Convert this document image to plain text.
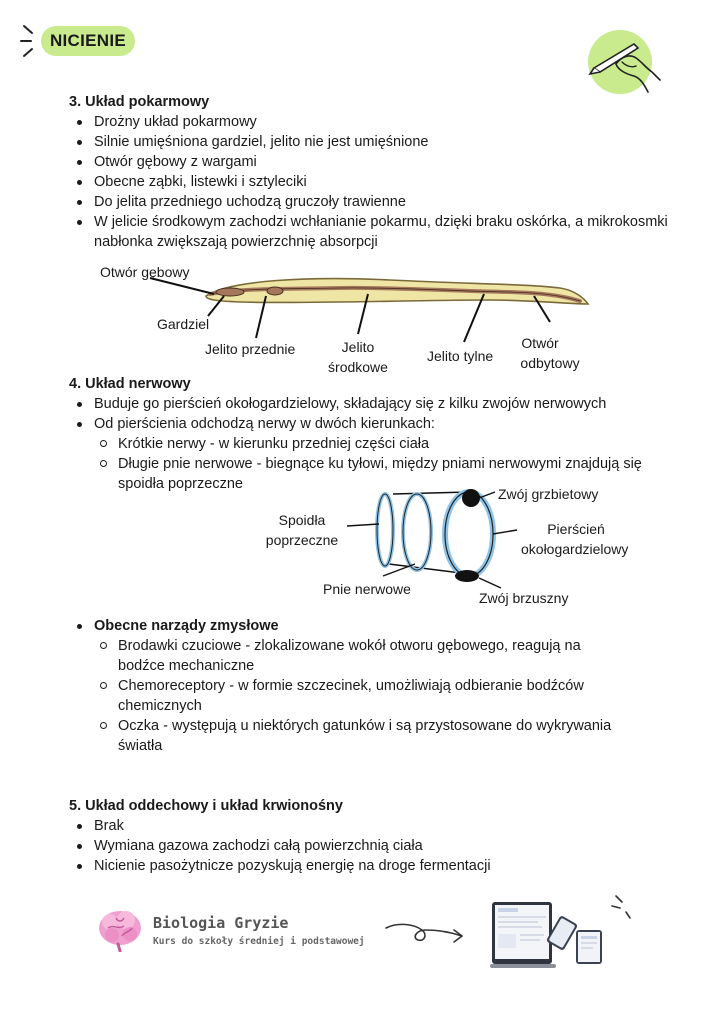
NICIENIE

3. Układ pokarmowy

Drożny układ pokarmowy
Silnie umięśniona gardziel, jelito nie jest umięśnione
Otwór gębowy z wargami
Obecne ząbki, listewki i sztyleciki
Do jelita przedniego uchodzą gruczoły trawienne
W jelicie środkowym zachodzi wchłanianie pokarmu, dzięki braku oskórka, a mikrokosmki nabłonka zwiększają powierzchnię absorpcji
Otwór gębowy
Gardziel
Jelito przednie	Jelito
środkowe
Jelito tylne
Otwór
odbytowy

4. Układ nerwowy

Buduje go pierścień okołogardzielowy, składający się z kilku zwojów nerwowych
Od pierścienia odchodzą nerwy w dwóch kierunkach:
Krótkie nerwy - w kierunku przedniej części ciała
Długie pnie nerwowe - biegnące ku tyłowi, między pniami nerwowymi znajdują się spoidła poprzeczne
Zwój grzbietowy
Spoidła
poprzeczne
Pierścień
okołogardzielowy
Pnie nerwowe
Zwój brzuszny
Obecne narządy zmysłowe
Brodawki czuciowe - zlokalizowane wokół otworu gębowego, reagują na bodźce mechaniczne
Chemoreceptory - w formie szczecinek, umożliwiają odbieranie bodźców chemicznych
Oczka - występują u niektórych gatunków i są przystosowane do wykrywania światła

5. Układ oddechowy i układ krwionośny

Brak
Wymiana gazowa zachodzi całą powierzchnią ciała
Nicienie pasożytnicze pozyskują energię na droge fermentacji
Biologia Gryzie
Kurs do szkoły średniej i podstawowej
